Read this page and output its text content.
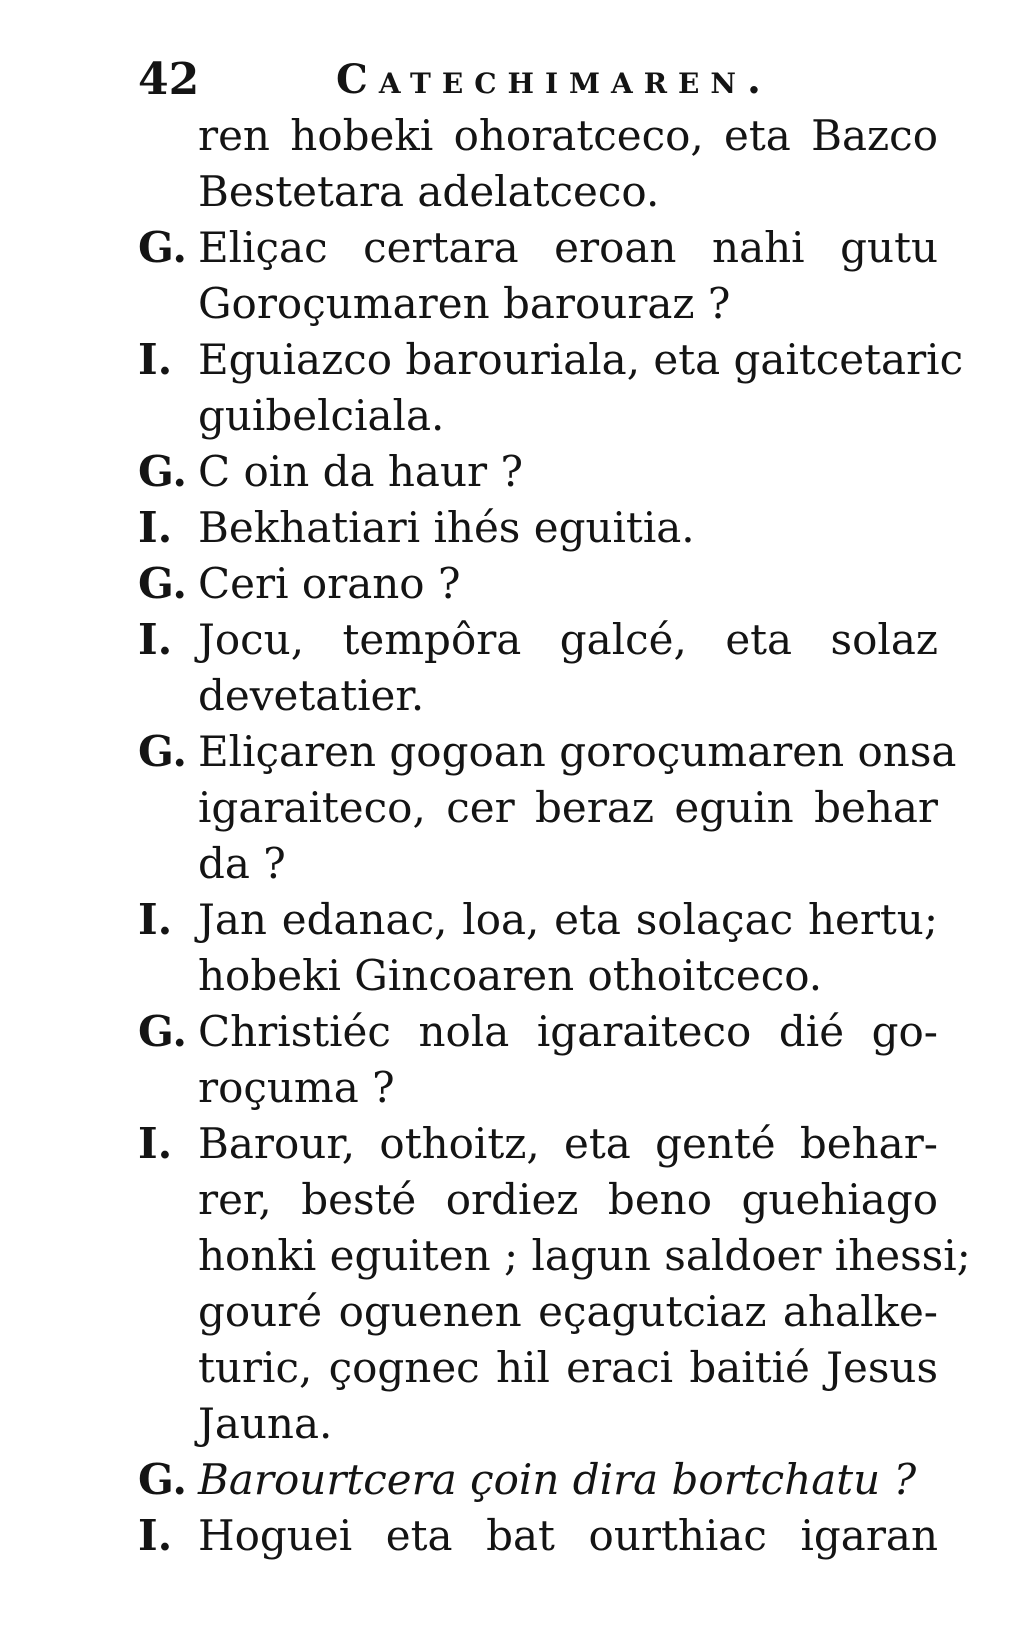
42	Catechimaren.
ren hobeki ohoratceco, eta Bazco
Bestetara adelatceco.
G. Eliçac certara eroan nahi gutu
Goroçumaren barouraz ?
I. Eguiazco barouriala, eta gaitcetaric
guibelciala.
G. C oin da haur ?
I. Bekhatiari ihés eguitia.
G. Ceri orano ?
I. Jocu, tempôra galcé, eta solaz
devetatier.
G. Eliçaren gogoan goroçumaren onsa
igaraiteco, cer beraz eguin behar
da ?
I. Jan edanac, loa, eta solaçac hertu;
hobeki Gincoaren othoitceco.
G. Christiéc nola igaraiteco dié go-
roçuma ?
I. Barour, othoitz, eta genté behar-
rer, besté ordiez beno guehiago
honki eguiten ; lagun saldoer ihessi;
gouré oguenen eçagutciaz ahalke-
turic, çognec hil eraci baitié Jesus
Jauna.
G. Barourtcera çoin dira bortchatu ?
I. Hoguei eta bat ourthiac igaran
